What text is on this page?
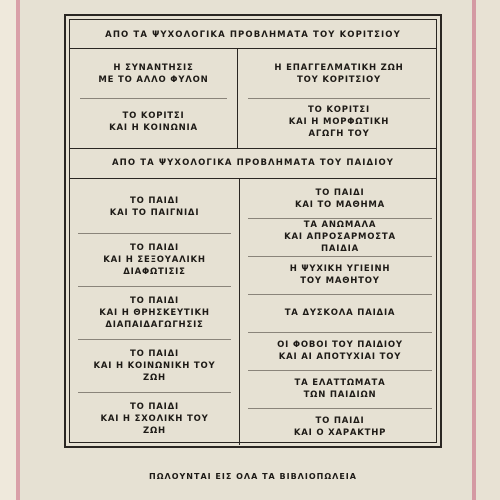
ΑΠΟ ΤΑ ΨΥΧΟΛΟΓΙΚΑ ΠΡΟΒΛΗΜΑΤΑ ΤΟΥ ΚΟΡΙΤΣΙΟΥ
ΑΠΟ ΤΑ ΨΥΧΟΛΟΓΙΚΑ ΠΡΟΒΛΗΜΑΤΑ ΤΟΥ ΠΑΙΔΙΟΥ
Η ΣΥΝΑΝΤΗΣΙΣ
ΜΕ ΤΟ ΑΛΛΟ ΦΥΛΟΝ
ΤΟ ΚΟΡΙΤΣΙ
ΚΑΙ Η ΚΟΙΝΩΝΙΑ
Η ΕΠΑΓΓΕΛΜΑΤΙΚΗ ΖΩΗ
ΤΟΥ ΚΟΡΙΤΣΙΟΥ
ΤΟ ΚΟΡΙΤΣΙ
ΚΑΙ Η ΜΟΡΦΩΤΙΚΗ
ΑΓΩΓΗ ΤΟΥ
ΤΟ ΠΑΙΔΙ
ΚΑΙ ΤΟ ΠΑΙΓΝΙΔΙ
ΤΟ ΠΑΙΔΙ
ΚΑΙ Η ΣΕΞΟΥΑΛΙΚΗ
ΔΙΑΦΩΤΙΣΙΣ
ΤΟ ΠΑΙΔΙ
ΚΑΙ Η ΘΡΗΣΚΕΥΤΙΚΗ
ΔΙΑΠΑΙΔΑΓΩΓΗΣΙΣ
ΤΟ ΠΑΙΔΙ
ΚΑΙ Η ΚΟΙΝΩΝΙΚΗ ΤΟΥ
ΖΩΗ
ΤΟ ΠΑΙΔΙ
ΚΑΙ Η ΣΧΟΛΙΚΗ ΤΟΥ
ΖΩΗ
ΤΟ ΠΑΙΔΙ
ΚΑΙ ΤΟ ΜΑΘΗΜΑ
ΤΑ ΑΝΩΜΑΛΑ
ΚΑΙ ΑΠΡΟΣΑΡΜΟΣΤΑ
ΠΑΙΔΙΑ
Η ΨΥΧΙΚΗ ΥΓΙΕΙΝΗ
ΤΟΥ ΜΑΘΗΤΟΥ
ΤΑ ΔΥΣΚΟΛΑ ΠΑΙΔΙΑ
ΟΙ ΦΟΒΟΙ ΤΟΥ ΠΑΙΔΙΟΥ
ΚΑΙ ΑΙ ΑΠΟΤΥΧΙΑΙ ΤΟΥ
ΤΑ ΕΛΑΤΤΩΜΑΤΑ
ΤΩΝ ΠΑΙΔΙΩΝ
ΤΟ ΠΑΙΔΙ
ΚΑΙ Ο ΧΑΡΑΚΤΗΡ
ΠΩΛΟΥΝΤΑΙ ΕΙΣ ΟΛΑ ΤΑ ΒΙΒΛΙΟΠΩΛΕΙΑ
